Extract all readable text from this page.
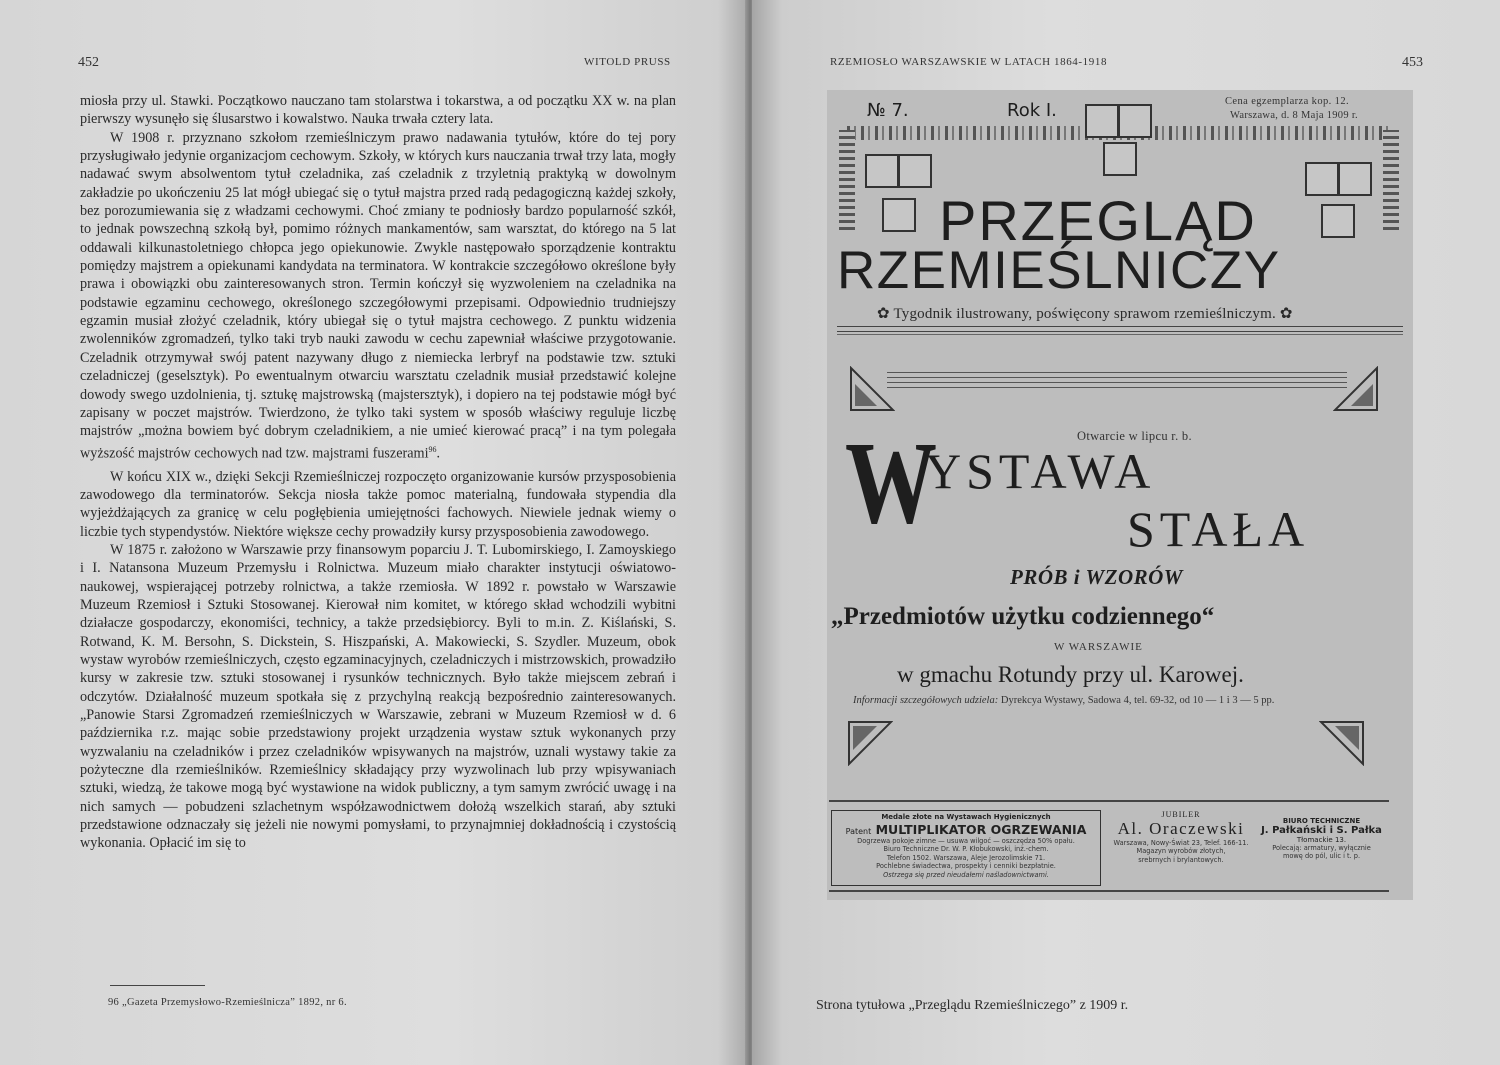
452	WITOLD PRUSS

miosła przy ul. Stawki. Początkowo nauczano tam stolarstwa i tokarstwa, a od początku XX w. na plan pierwszy wysunęło się ślusarstwo i kowalstwo. Nauka trwała cztery lata.

W 1908 r. przyznano szkołom rzemieślniczym prawo nadawania tytułów, które do tej pory przysługiwało jedynie organizacjom cechowym. Szkoły, w których kurs nauczania trwał trzy lata, mogły nadawać swym absolwentom tytuł czeladnika, zaś czeladnik z trzyletnią praktyką w dowolnym zakładzie po ukończeniu 25 lat mógł ubiegać się o tytuł majstra przed radą pedagogiczną każdej szkoły, bez porozumiewania się z władzami cechowymi. Choć zmiany te podniosły bardzo popularność szkół, to jednak powszechną szkołą był, pomimo różnych mankamentów, sam warsztat, do którego na 5 lat oddawali kilkunastoletniego chłopca jego opiekunowie. Zwykle następowało sporządzenie kontraktu pomiędzy majstrem a opiekunami kandydata na terminatora. W kontrakcie szczegółowo określone były prawa i obowiązki obu zainteresowanych stron. Termin kończył się wyzwoleniem na czeladnika na podstawie egzaminu cechowego, określonego szczegółowymi przepisami. Odpowiednio trudniejszy egzamin musiał złożyć czeladnik, który ubiegał się o tytuł majstra cechowego. Z punktu widzenia zwolenników zgromadzeń, tylko taki tryb nauki zawodu w cechu zapewniał właściwe przygotowanie. Czeladnik otrzymywał swój patent nazywany długo z niemiecka lerbryf na podstawie tzw. sztuki czeladniczej (geselsztyk). Po ewentualnym otwarciu warsztatu czeladnik musiał przedstawić kolejne dowody swego uzdolnienia, tj. sztukę majstrowską (majstersztyk), i dopiero na tej podstawie mógł być zapisany w poczet majstrów. Twierdzono, że tylko taki system w sposób właściwy reguluje liczbę majstrów „można bowiem być dobrym czeladnikiem, a nie umieć kierować pracą” i na tym polegała wyższość majstrów cechowych nad tzw. majstrami fuszerami$^{96}$.

W końcu XIX w., dzięki Sekcji Rzemieślniczej rozpoczęto organizowanie kursów przysposobienia zawodowego dla terminatorów. Sekcja niosła także pomoc materialną, fundowała stypendia dla wyjeżdżających za granicę w celu pogłębienia umiejętności fachowych. Niewiele jednak wiemy o liczbie tych stypendystów. Niektóre większe cechy prowadziły kursy przysposobienia zawodowego.

W 1875 r. założono w Warszawie przy finansowym poparciu J. T. Lubomirskiego, I. Zamoyskiego i I. Natansona Muzeum Przemysłu i Rolnictwa. Muzeum miało charakter instytucji oświatowo-naukowej, wspierającej potrzeby rolnictwa, a także rzemiosła. W 1892 r. powstało w Warszawie Muzeum Rzemiosł i Sztuki Stosowanej. Kierował nim komitet, w którego skład wchodzili wybitni działacze gospodarczy, ekonomiści, technicy, a także przedsiębiorcy. Byli to m.in. Z. Kiślański, S. Rotwand, K. M. Bersohn, S. Dickstein, S. Hiszpański, A. Makowiecki, S. Szydler. Muzeum, obok wystaw wyrobów rzemieślniczych, często egzaminacyjnych, czeladniczych i mistrzowskich, prowadziło kursy w zakresie tzw. sztuki stosowanej i rysunków technicznych. Było także miejscem zebrań i odczytów. Działalność muzeum spotkała się z przychylną reakcją bezpośrednio zainteresowanych. „Panowie Starsi Zgromadzeń rzemieślniczych w Warszawie, zebrani w Muzeum Rzemiosł w d. 6 października r.z. mając sobie przedstawiony projekt urządzenia wystaw sztuk wykonanych przy wyzwalaniu na czeladników i przez czeladników wpisywanych na majstrów, uznali wystawy takie za pożyteczne dla rzemieślników. Rzemieślnicy składający przy wyzwolinach lub przy wpisywaniach sztuki, wiedzą, że takowe mogą być wystawione na widok publiczny, a tym samym zwrócić uwagę i na nich samych — pobudzeni szlachetnym współzawodnictwem dołożą wszelkich starań, aby sztuki przedstawione odznaczały się jeżeli nie nowymi pomysłami, to przynajmniej dokładnością i czystością wykonania. Opłacić im się to

96 „Gazeta Przemysłowo-Rzemieślnicza” 1892, nr 6.
RZEMIOSŁO WARSZAWSKIE W LATACH 1864-1918	453
№ 7.	Rok I.	Cena egzemplarza kop. 12.
Warszawa, d. 8 Maja 1909 r.
PRZEGLĄD
RZEMIEŚLNICZY
✿ Tygodnik ilustrowany, poświęcony sprawom rzemieślniczym. ✿
Otwarcie w lipcu r. b.
W
YSTAWA
STAŁA
PRÓB i WZORÓW
„Przedmiotów użytku codziennego“
W WARSZAWIE
w gmachu Rotundy przy ul. Karowej.
Informacji szczegółowych udziela: Dyrekcya Wystawy, Sadowa 4, tel. 69-32, od 10 — 1 i 3 — 5 pp.
Medale złote na Wystawach Hygienicznych
Patent MULTIPLIKATOR OGRZEWANIA
Dogrzewa pokoje zimne — usuwa wilgoć — oszczędza 50% opału.
Biuro Techniczne Dr. W. P. Kłobukowski, inż.-chem.
Telefon 1502. Warszawa, Aleje Jerozolimskie 71.
Pochlebne świadectwa, prospekty i cenniki bezpłatnie.
Ostrzega się przed nieudałemi naśladownictwami.
JUBILER
Al. Oraczewski
Warszawa, Nowy-Świat 23, Telef. 166-11.
Magazyn wyrobów złotych,
srebrnych i brylantowych.
BIURO TECHNICZNE
J. Pałkański i S. Pałka
Tłomackie 13.
Polecają: armatury, wyłącznie
mowę do pól, ulic i t. p.
Strona tytułowa „Przeglądu Rzemieślniczego” z 1909 r.
